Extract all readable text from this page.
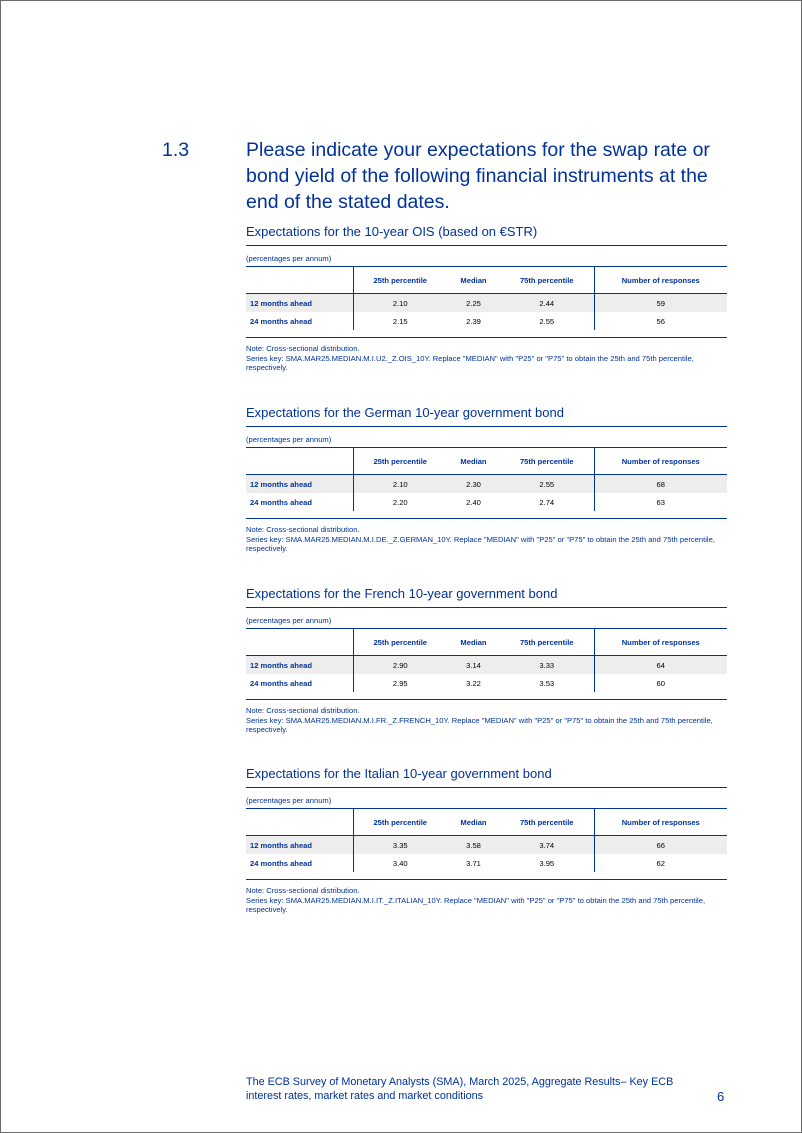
1.3	Please indicate your expectations for the swap rate or bond yield of the following financial instruments at the end of the stated dates.
Expectations for the 10-year OIS (based on €STR)
(percentages per annum)
	25th percentile	Median	75th percentile	Number of responses
12 months ahead	2.10	2.25	2.44	59
24 months ahead	2.15	2.39	2.55	56
Note: Cross-sectional distribution.
Series key: SMA.MAR25.MEDIAN.M.I.U2._Z.OIS_10Y. Replace "MEDIAN" with "P25" or "P75" to obtain the 25th and 75th percentile, respectively.
Expectations for the German 10-year government bond
(percentages per annum)
	25th percentile	Median	75th percentile	Number of responses
12 months ahead	2.10	2.30	2.55	68
24 months ahead	2.20	2.40	2.74	63
Note: Cross-sectional distribution.
Series key: SMA.MAR25.MEDIAN.M.I.DE._Z.GERMAN_10Y. Replace "MEDIAN" with "P25" or "P75" to obtain the 25th and 75th percentile, respectively.
Expectations for the French 10-year government bond
(percentages per annum)
	25th percentile	Median	75th percentile	Number of responses
12 months ahead	2.90	3.14	3.33	64
24 months ahead	2.95	3.22	3.53	60
Note: Cross-sectional distribution.
Series key: SMA.MAR25.MEDIAN.M.I.FR._Z.FRENCH_10Y. Replace "MEDIAN" with "P25" or "P75" to obtain the 25th and 75th percentile, respectively.
Expectations for the Italian 10-year government bond
(percentages per annum)
	25th percentile	Median	75th percentile	Number of responses
12 months ahead	3.35	3.58	3.74	66
24 months ahead	3.40	3.71	3.95	62
Note: Cross-sectional distribution.
Series key: SMA.MAR25.MEDIAN.M.I.IT._Z.ITALIAN_10Y. Replace "MEDIAN" with "P25" or "P75" to obtain the 25th and 75th percentile, respectively.
The ECB Survey of Monetary Analysts (SMA), March 2025, Aggregate Results– Key ECB interest rates, market rates and market conditions	6
